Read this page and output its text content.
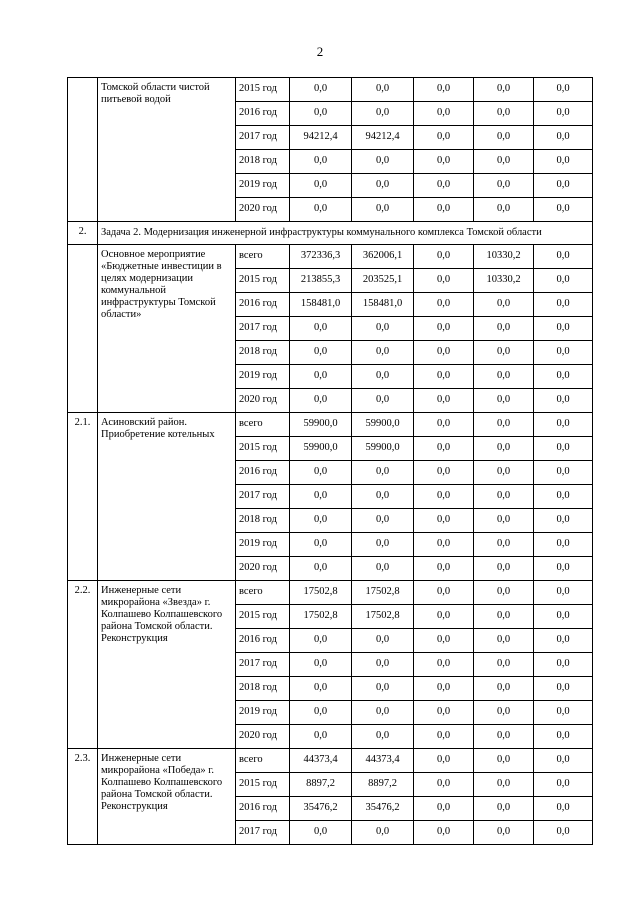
2
	Томской области чистой питьевой водой	2015 год	0,0	0,0	0,0	0,0	0,0
		2016 год	0,0	0,0	0,0	0,0	0,0
		2017 год	94212,4	94212,4	0,0	0,0	0,0
		2018 год	0,0	0,0	0,0	0,0	0,0
		2019 год	0,0	0,0	0,0	0,0	0,0
		2020 год	0,0	0,0	0,0	0,0	0,0
2.	Задача 2. Модернизация инженерной инфраструктуры коммунального комплекса Томской области						
	Основное мероприятие «Бюджетные инвестиции в целях модернизации коммунальной инфраструктуры Томской области»	всего	372336,3	362006,1	0,0	10330,2	0,0
		2015 год	213855,3	203525,1	0,0	10330,2	0,0
		2016 год	158481,0	158481,0	0,0	0,0	0,0
		2017 год	0,0	0,0	0,0	0,0	0,0
		2018 год	0,0	0,0	0,0	0,0	0,0
		2019 год	0,0	0,0	0,0	0,0	0,0
		2020 год	0,0	0,0	0,0	0,0	0,0
2.1.	Асиновский район. Приобретение котельных	всего	59900,0	59900,0	0,0	0,0	0,0
		2015 год	59900,0	59900,0	0,0	0,0	0,0
		2016 год	0,0	0,0	0,0	0,0	0,0
		2017 год	0,0	0,0	0,0	0,0	0,0
		2018 год	0,0	0,0	0,0	0,0	0,0
		2019 год	0,0	0,0	0,0	0,0	0,0
		2020 год	0,0	0,0	0,0	0,0	0,0
2.2.	Инженерные сети микрорайона «Звезда» г. Колпашево Колпашевского района Томской области. Реконструкция	всего	17502,8	17502,8	0,0	0,0	0,0
		2015 год	17502,8	17502,8	0,0	0,0	0,0
		2016 год	0,0	0,0	0,0	0,0	0,0
		2017 год	0,0	0,0	0,0	0,0	0,0
		2018 год	0,0	0,0	0,0	0,0	0,0
		2019 год	0,0	0,0	0,0	0,0	0,0
		2020 год	0,0	0,0	0,0	0,0	0,0
2.3.	Инженерные сети микрорайона «Победа» г. Колпашево Колпашевского района Томской области. Реконструкция	всего	44373,4	44373,4	0,0	0,0	0,0
		2015 год	8897,2	8897,2	0,0	0,0	0,0
		2016 год	35476,2	35476,2	0,0	0,0	0,0
		2017 год	0,0	0,0	0,0	0,0	0,0
